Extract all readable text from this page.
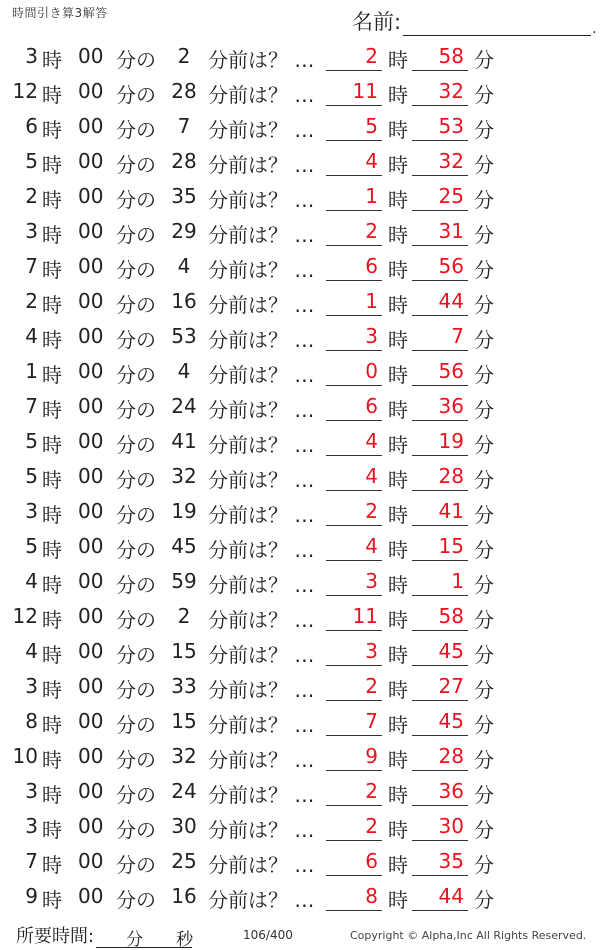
時間引き算3解答	名前:	.
3 時 00 分の	2 分前は？ …	2 時	58 分
12 時 00 分の 28 分前は？ …	11 時	32 分
6 時 00 分の	7 分前は？ …	5 時	53 分
5 時 00 分の 28 分前は？ …	4 時	32 分
2 時 00 分の 35 分前は？ …	1 時	25 分
3 時 00 分の 29 分前は？ …	2 時	31 分
7 時 00 分の	4 分前は？ …	6 時	56 分
2 時 00 分の 16 分前は？ …	1 時	44 分
4 時 00 分の 53 分前は？ …	3 時	7 分
1 時 00 分の	4 分前は？ …	0 時	56 分
7 時 00 分の 24 分前は？ …	6 時	36 分
5 時 00 分の 41 分前は？ …	4 時	19 分
5 時 00 分の 32 分前は？ …	4 時	28 分
3 時 00 分の 19 分前は？ …	2 時	41 分
5 時 00 分の 45 分前は？ …	4 時	15 分
4 時 00 分の 59 分前は？ …	3 時	1 分
12 時 00 分の	2 分前は？ …	11 時	58 分
4 時 00 分の 15 分前は？ …	3 時	45 分
3 時 00 分の 33 分前は？ …	2 時	27 分
8 時 00 分の 15 分前は？ …	7 時	45 分
10 時 00 分の 32 分前は？ …	9 時	28 分
3 時 00 分の 24 分前は？ …	2 時	36 分
3 時 00 分の 30 分前は？ …	2 時	30 分
7 時 00 分の 25 分前は？ …	6 時	35 分
9 時 00 分の 16 分前は？ …	8 時	44 分
所要時間: 分 秒	106/400	Copyright © Alpha,Inc All Rights Reserved.
